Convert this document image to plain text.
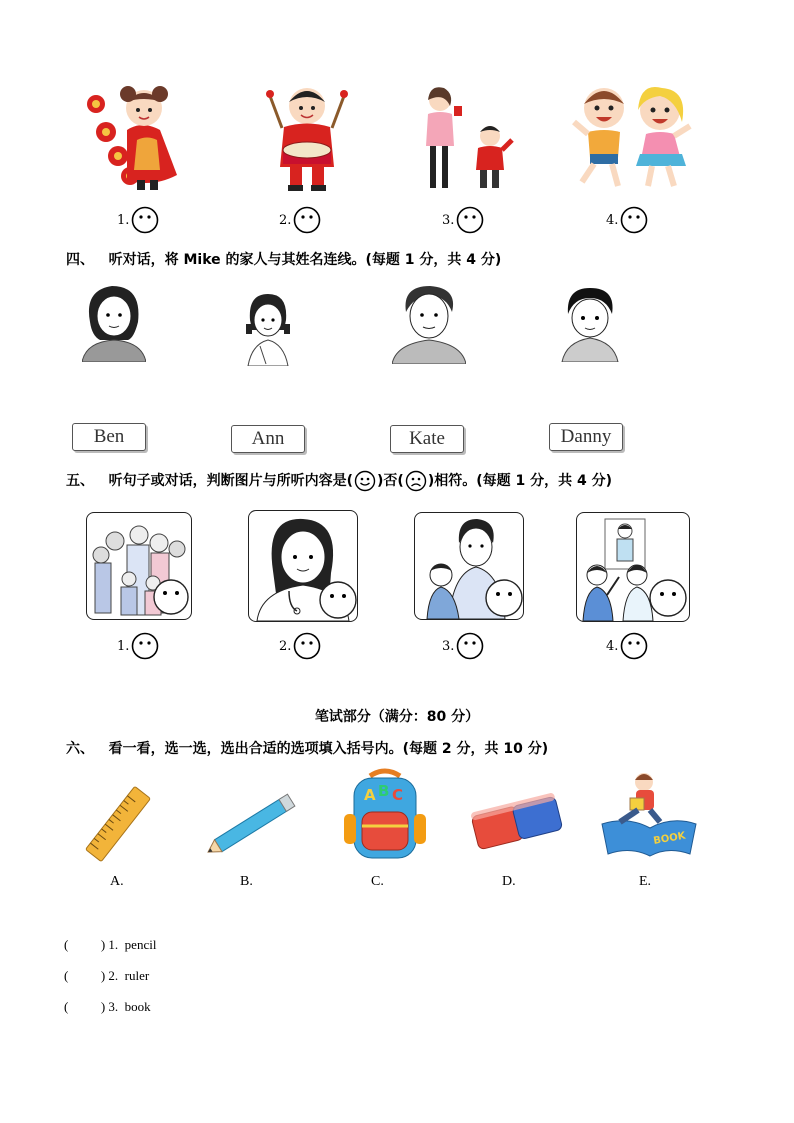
1.	2.	3.	4.
四、 听对话，将 Mike 的家人与其姓名连线。(每题 1 分，共 4 分)
Ben	Ann	Kate	Danny
五、 听句子或对话，判断图片与所听内容是( )否( )相符。(每题 1 分，共 4 分)
1.	2.	3.	4.
笔试部分（满分：80 分）
六、 看一看，选一选，选出合适的选项填入括号内。(每题 2 分，共 10 分)
A B C
BOOK
A.	B.	C.	D.	E.
(          ) 1. pencil
(          ) 2. ruler
(          ) 3. book
